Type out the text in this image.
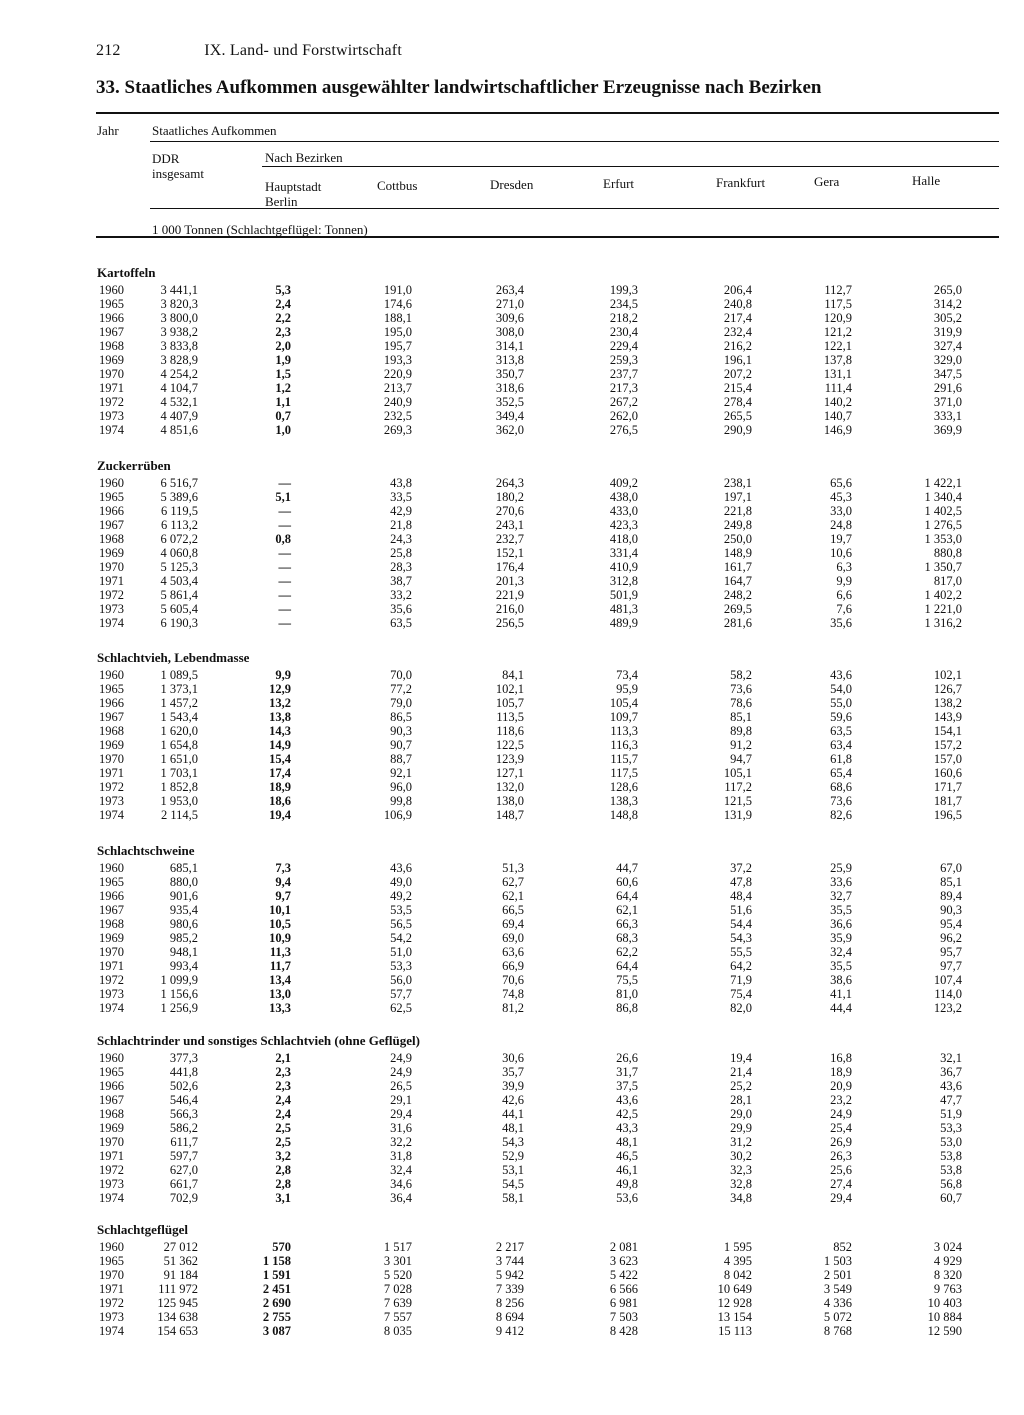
212	IX. Land- und Forstwirtschaft
33. Staatliches Aufkommen ausgewählter landwirtschaftlicher Erzeugnisse nach Bezirken
Jahr	Staatliches Aufkommen
DDR
insgesamt
Nach Bezirken
Hauptstadt
Berlin
Cottbus	Dresden	Erfurt	Frankfurt	Gera	Halle
1 000 Tonnen (Schlachtgeflügel: Tonnen)
Kartoffeln
1960	3 441,1	5,3	191,0	263,4	199,3	206,4	112,7	265,0
1965	3 820,3	2,4	174,6	271,0	234,5	240,8	117,5	314,2
1966	3 800,0	2,2	188,1	309,6	218,2	217,4	120,9	305,2
1967	3 938,2	2,3	195,0	308,0	230,4	232,4	121,2	319,9
1968	3 833,8	2,0	195,7	314,1	229,4	216,2	122,1	327,4
1969	3 828,9	1,9	193,3	313,8	259,3	196,1	137,8	329,0
1970	4 254,2	1,5	220,9	350,7	237,7	207,2	131,1	347,5
1971	4 104,7	1,2	213,7	318,6	217,3	215,4	111,4	291,6
1972	4 532,1	1,1	240,9	352,5	267,2	278,4	140,2	371,0
1973	4 407,9	0,7	232,5	349,4	262,0	265,5	140,7	333,1
1974	4 851,6	1,0	269,3	362,0	276,5	290,9	146,9	369,9
Zuckerrüben
1960	6 516,7	—	43,8	264,3	409,2	238,1	65,6	1 422,1
1965	5 389,6	5,1	33,5	180,2	438,0	197,1	45,3	1 340,4
1966	6 119,5	—	42,9	270,6	433,0	221,8	33,0	1 402,5
1967	6 113,2	—	21,8	243,1	423,3	249,8	24,8	1 276,5
1968	6 072,2	0,8	24,3	232,7	418,0	250,0	19,7	1 353,0
1969	4 060,8	—	25,8	152,1	331,4	148,9	10,6	880,8
1970	5 125,3	—	28,3	176,4	410,9	161,7	6,3	1 350,7
1971	4 503,4	—	38,7	201,3	312,8	164,7	9,9	817,0
1972	5 861,4	—	33,2	221,9	501,9	248,2	6,6	1 402,2
1973	5 605,4	—	35,6	216,0	481,3	269,5	7,6	1 221,0
1974	6 190,3	—	63,5	256,5	489,9	281,6	35,6	1 316,2
Schlachtvieh, Lebendmasse
1960	1 089,5	9,9	70,0	84,1	73,4	58,2	43,6	102,1
1965	1 373,1	12,9	77,2	102,1	95,9	73,6	54,0	126,7
1966	1 457,2	13,2	79,0	105,7	105,4	78,6	55,0	138,2
1967	1 543,4	13,8	86,5	113,5	109,7	85,1	59,6	143,9
1968	1 620,0	14,3	90,3	118,6	113,3	89,8	63,5	154,1
1969	1 654,8	14,9	90,7	122,5	116,3	91,2	63,4	157,2
1970	1 651,0	15,4	88,7	123,9	115,7	94,7	61,8	157,0
1971	1 703,1	17,4	92,1	127,1	117,5	105,1	65,4	160,6
1972	1 852,8	18,9	96,0	132,0	128,6	117,2	68,6	171,7
1973	1 953,0	18,6	99,8	138,0	138,3	121,5	73,6	181,7
1974	2 114,5	19,4	106,9	148,7	148,8	131,9	82,6	196,5
Schlachtschweine
1960	685,1	7,3	43,6	51,3	44,7	37,2	25,9	67,0
1965	880,0	9,4	49,0	62,7	60,6	47,8	33,6	85,1
1966	901,6	9,7	49,2	62,1	64,4	48,4	32,7	89,4
1967	935,4	10,1	53,5	66,5	62,1	51,6	35,5	90,3
1968	980,6	10,5	56,5	69,4	66,3	54,4	36,6	95,4
1969	985,2	10,9	54,2	69,0	68,3	54,3	35,9	96,2
1970	948,1	11,3	51,0	63,6	62,2	55,5	32,4	95,7
1971	993,4	11,7	53,3	66,9	64,4	64,2	35,5	97,7
1972	1 099,9	13,4	56,0	70,6	75,5	71,9	38,6	107,4
1973	1 156,6	13,0	57,7	74,8	81,0	75,4	41,1	114,0
1974	1 256,9	13,3	62,5	81,2	86,8	82,0	44,4	123,2
Schlachtrinder und sonstiges Schlachtvieh (ohne Geflügel)
1960	377,3	2,1	24,9	30,6	26,6	19,4	16,8	32,1
1965	441,8	2,3	24,9	35,7	31,7	21,4	18,9	36,7
1966	502,6	2,3	26,5	39,9	37,5	25,2	20,9	43,6
1967	546,4	2,4	29,1	42,6	43,6	28,1	23,2	47,7
1968	566,3	2,4	29,4	44,1	42,5	29,0	24,9	51,9
1969	586,2	2,5	31,6	48,1	43,3	29,9	25,4	53,3
1970	611,7	2,5	32,2	54,3	48,1	31,2	26,9	53,0
1971	597,7	3,2	31,8	52,9	46,5	30,2	26,3	53,8
1972	627,0	2,8	32,4	53,1	46,1	32,3	25,6	53,8
1973	661,7	2,8	34,6	54,5	49,8	32,8	27,4	56,8
1974	702,9	3,1	36,4	58,1	53,6	34,8	29,4	60,7
Schlachtgeflügel
1960	27 012	570	1 517	2 217	2 081	1 595	852	3 024
1965	51 362	1 158	3 301	3 744	3 623	4 395	1 503	4 929
1970	91 184	1 591	5 520	5 942	5 422	8 042	2 501	8 320
1971	111 972	2 451	7 028	7 339	6 566	10 649	3 549	9 763
1972	125 945	2 690	7 639	8 256	6 981	12 928	4 336	10 403
1973	134 638	2 755	7 557	8 694	7 503	13 154	5 072	10 884
1974	154 653	3 087	8 035	9 412	8 428	15 113	8 768	12 590
